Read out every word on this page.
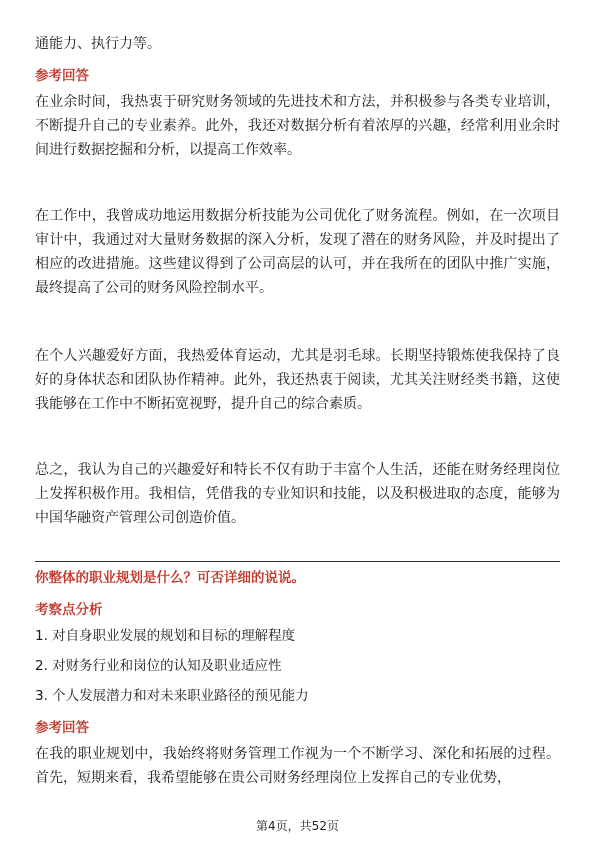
通能力、执行力等。

参考回答

在业余时间，我热衷于研究财务领域的先进技术和方法，并积极参与各类专业培训，不断提升自己的专业素养。此外，我还对数据分析有着浓厚的兴趣，经常利用业余时间进行数据挖掘和分析，以提高工作效率。

在工作中，我曾成功地运用数据分析技能为公司优化了财务流程。例如，在一次项目审计中，我通过对大量财务数据的深入分析，发现了潜在的财务风险，并及时提出了相应的改进措施。这些建议得到了公司高层的认可，并在我所在的团队中推广实施，最终提高了公司的财务风险控制水平。

在个人兴趣爱好方面，我热爱体育运动，尤其是羽毛球。长期坚持锻炼使我保持了良好的身体状态和团队协作精神。此外，我还热衷于阅读，尤其关注财经类书籍，这使我能够在工作中不断拓宽视野，提升自己的综合素质。

总之，我认为自己的兴趣爱好和特长不仅有助于丰富个人生活，还能在财务经理岗位上发挥积极作用。我相信，凭借我的专业知识和技能，以及积极进取的态度，能够为中国华融资产管理公司创造价值。

你整体的职业规划是什么？可否详细的说说。

考察点分析

1. 对自身职业发展的规划和目标的理解程度

2. 对财务行业和岗位的认知及职业适应性

3. 个人发展潜力和对未来职业路径的预见能力

参考回答

在我的职业规划中，我始终将财务管理工作视为一个不断学习、深化和拓展的过程。首先，短期来看，我希望能够在贵公司财务经理岗位上发挥自己的专业优势，

第4页，共52页
